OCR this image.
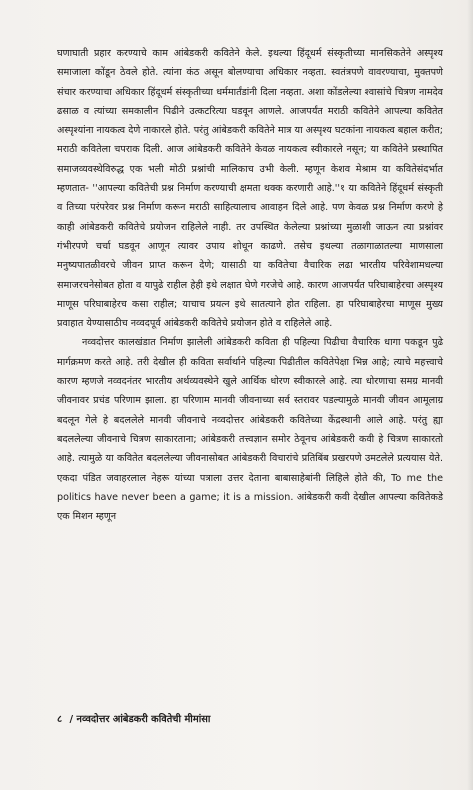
घणाघाती प्रहार करण्याचे काम आंबेडकरी कवितेने केले. इथल्या हिंदूधर्म संस्कृतीच्या मानसिकतेने अस्पृश्य समाजाला कोंडून ठेवले होते. त्यांना कंठ असून बोलण्याचा अधिकार नव्हता. स्वतंत्रपणे वावरण्याचा, मुक्तपणे संचार करण्याचा अधिकार हिंदूधर्म संस्कृतीच्या धर्ममार्तंडांनी दिला नव्हता. अशा कोंडलेल्या श्वासांचे चित्रण नामदेव ढसाळ व त्यांच्या समकालीन पिढीने उत्कटरित्या घडवून आणले. आजपर्यंत मराठी कवितेने आपल्या कवितेत अस्पृश्यांना नायकत्व देणे नाकारले होते. परंतु आंबेडकरी कवितेने मात्र या अस्पृश्य घटकांना नायकत्व बहाल करीत; मराठी कवितेला चपराक दिली. आज आंबेडकरी कवितेने केवळ नायकत्व स्वीकारले नसून; या कवितेने प्रस्थापित समाजव्यवस्थेविरुद्ध एक भली मोठी प्रश्नांची मालिकाच उभी केली. म्हणून केशव मेश्राम या कवितेसंदर्भात म्हणतात- ''आपल्या कवितेची प्रश्न निर्माण करण्याची क्षमता थक्क करणारी आहे.''१ या कवितेने हिंदूधर्म संस्कृती व तिच्या परंपरेवर प्रश्न निर्माण करून मराठी साहित्यालाच आवाहन दिले आहे. पण केवळ प्रश्न निर्माण करणे हे काही आंबेडकरी कवितेचे प्रयोजन राहिलेले नाही. तर उपस्थित केलेल्या प्रश्नांच्या मुळाशी जाऊन त्या प्रश्नांवर गंभीरपणे चर्चा घडवून आणून त्यावर उपाय शोधून काढणे. तसेच इथल्या तळागाळातल्या माणसाला मनुष्यपातळीवरचे जीवन प्राप्त करून देणे; यासाठी या कवितेचा वैचारिक लढा भारतीय परिवेशामधल्या समाजरचनेसोबत होता व यापुढे राहील हेही इथे लक्षात घेणे गरजेचे आहे. कारण आजपर्यंत परिघाबाहेरचा अस्पृश्य माणूस परिघाबाहेरच कसा राहील; याचाच प्रयत्न इथे सातत्याने होत राहिला. हा परिघाबाहेरचा माणूस मुख्य प्रवाहात येण्यासाठीच नव्वदपूर्व आंबेडकरी कवितेचे प्रयोजन होते व राहिलेले आहे.

नव्वदोत्तर कालखंडात निर्माण झालेली आंबेडकरी कविता ही पहिल्या पिढीचा वैचारिक धागा पकडून पुढे मार्गक्रमण करते आहे. तरी देखील ही कविता सर्वार्थाने पहिल्या पिढीतील कवितेपेक्षा भिन्न आहे; त्याचे महत्त्वाचे कारण म्हणजे नव्वदनंतर भारतीय अर्थव्यवस्थेने खुले आर्थिक धोरण स्वीकारले आहे. त्या धोरणाचा समग्र मानवी जीवनावर प्रचंड परिणाम झाला. हा परिणाम मानवी जीवनाच्या सर्व स्तरावर पडल्यामुळे मानवी जीवन आमूलाग्र बदलून गेले हे बदललेले मानवी जीवनाचे नव्वदोत्तर आंबेडकरी कवितेच्या केंद्रस्थानी आले आहे. परंतु ह्या बदललेल्या जीवनाचे चित्रण साकारताना; आंबेडकरी तत्त्वज्ञान समोर ठेवूनच आंबेडकरी कवी हे चित्रण साकारतो आहे. त्यामुळे या कवितेत बदललेल्या जीवनासोबत आंबेडकरी विचारांचे प्रतिबिंब प्रखरपणे उमटलेले प्रत्ययास येते. एकदा पंडित जवाहरलाल नेहरू यांच्या पत्राला उत्तर देताना बाबासाहेबांनी लिहिले होते की, To me the politics have never been a game; it is a mission. आंबेडकरी कवी देखील आपल्या कवितेकडे एक मिशन म्हणून

८ / नव्वदोत्तर आंबेडकरी कवितेची मीमांसा
